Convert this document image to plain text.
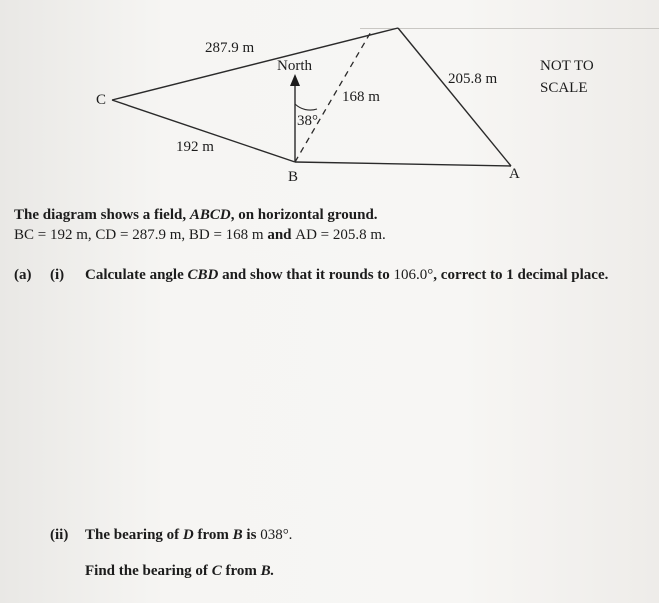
287.9 m
North
C	168 m
38°
192 m
B
205.8 m
A
NOT TO
SCALE
The diagram shows a field, ABCD, on horizontal ground.
BC = 192 m, CD = 287.9 m, BD = 168 m and AD = 205.8 m.
(a) (i) Calculate angle CBD and show that it rounds to 106.0°, correct to 1 decimal place.
(ii) The bearing of D from B is 038°.
Find the bearing of C from B.
